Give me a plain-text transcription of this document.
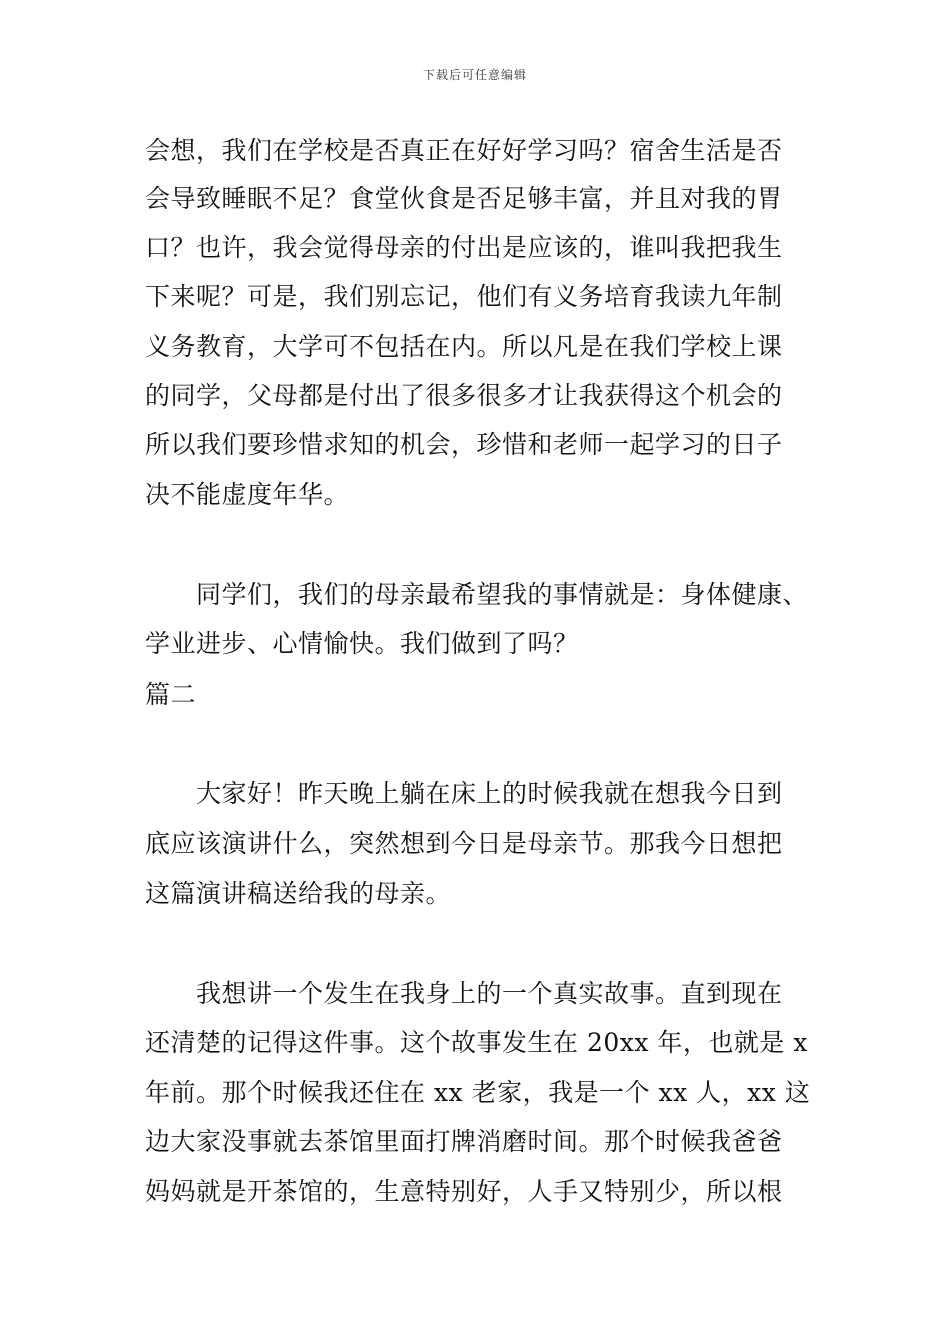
下载后可任意编辑
会想，我们在学校是否真正在好好学习吗？宿舍生活是否
会导致睡眠不足？食堂伙食是否足够丰富，并且对我的胃
口？也许，我会觉得母亲的付出是应该的，谁叫我把我生
下来呢？可是，我们别忘记，他们有义务培育我读九年制
义务教育，大学可不包括在内。所以凡是在我们学校上课
的同学，父母都是付出了很多很多才让我获得这个机会的
所以我们要珍惜求知的机会，珍惜和老师一起学习的日子
决不能虚度年华。
　　同学们，我们的母亲最希望我的事情就是：身体健康、
学业进步、心情愉快。我们做到了吗？
篇二
　　大家好！昨天晚上躺在床上的时候我就在想我今日到
底应该演讲什么，突然想到今日是母亲节。那我今日想把
这篇演讲稿送给我的母亲。
　　我想讲一个发生在我身上的一个真实故事。直到现在
还清楚的记得这件事。这个故事发生在 20xx 年，也就是 x
年前。那个时候我还住在 xx 老家，我是一个 xx 人，xx 这
边大家没事就去茶馆里面打牌消磨时间。那个时候我爸爸
妈妈就是开茶馆的，生意特别好，人手又特别少，所以根
